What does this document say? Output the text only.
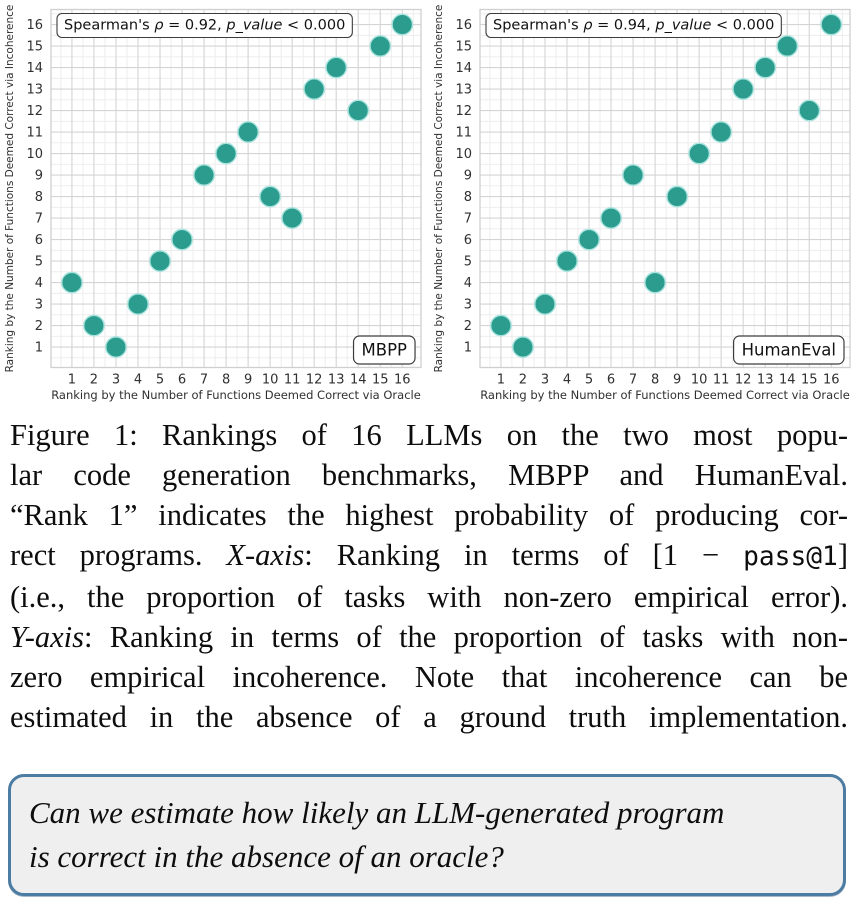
1 2 3 4 5 6 7 8 9 10 11 12 13 14 15 16
1
2
3
4
5
6
7
8
9
10
11
12
13
14
15
16
Ranking by the Number of Functions Deemed Correct via Oracle
Ranking by the Number of Functions Deemed Correct via Incoherence	Spearman's ρ = 0.92, p_value < 0.000
MBPP
1 2 3 4 5 6 7 8 9 10 11 12 13 14 15 16
1
2
3
4
5
6
7
8
9
10
11
12
13
14
15
16
Ranking by the Number of Functions Deemed Correct via Oracle
Ranking by the Number of Functions Deemed Correct via Incoherence	Spearman's ρ = 0.94, p_value < 0.000
HumanEval
Figure 1: Rankings of 16 LLMs on the two most popu-
lar code generation benchmarks, MBPP and HumanEval.
“Rank 1” indicates the highest probability of producing cor-
rect programs. X-axis: Ranking in terms of [1 − pass@1]
(i.e., the proportion of tasks with non-zero empirical error).
Y-axis: Ranking in terms of the proportion of tasks with non-
zero empirical incoherence. Note that incoherence can be
estimated in the absence of a ground truth implementation.
Can we estimate how likely an LLM-generated program
is correct in the absence of an oracle?
